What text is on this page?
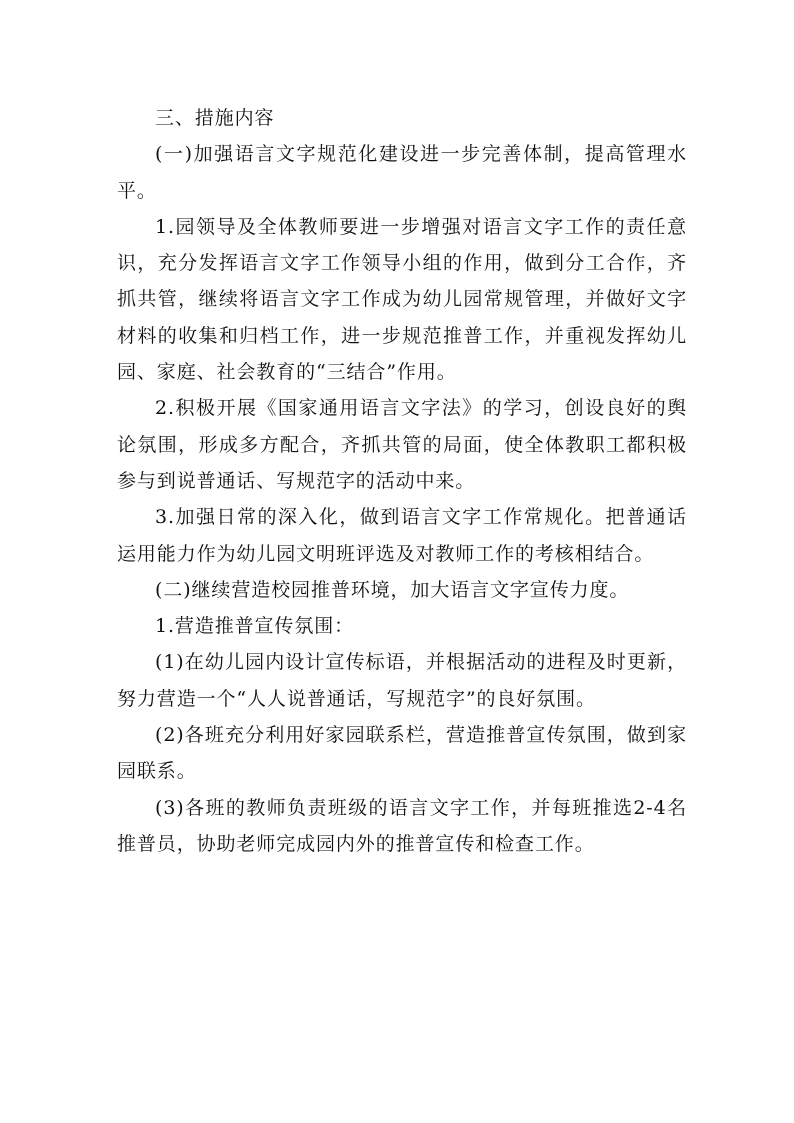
三、措施内容

(一)加强语言文字规范化建设进一步完善体制，提高管理水平。

1.园领导及全体教师要进一步增强对语言文字工作的责任意识，充分发挥语言文字工作领导小组的作用，做到分工合作，齐抓共管，继续将语言文字工作成为幼儿园常规管理，并做好文字材料的收集和归档工作，进一步规范推普工作，并重视发挥幼儿园、家庭、社会教育的“三结合”作用。

2.积极开展《国家通用语言文字法》的学习，创设良好的舆论氛围，形成多方配合，齐抓共管的局面，使全体教职工都积极参与到说普通话、写规范字的活动中来。

3.加强日常的深入化，做到语言文字工作常规化。把普通话运用能力作为幼儿园文明班评选及对教师工作的考核相结合。

(二)继续营造校园推普环境，加大语言文字宣传力度。

1.营造推普宣传氛围：

(1)在幼儿园内设计宣传标语，并根据活动的进程及时更新，努力营造一个“人人说普通话，写规范字”的良好氛围。

(2)各班充分利用好家园联系栏，营造推普宣传氛围，做到家园联系。

(3)各班的教师负责班级的语言文字工作，并每班推选2-4名推普员，协助老师完成园内外的推普宣传和检查工作。
